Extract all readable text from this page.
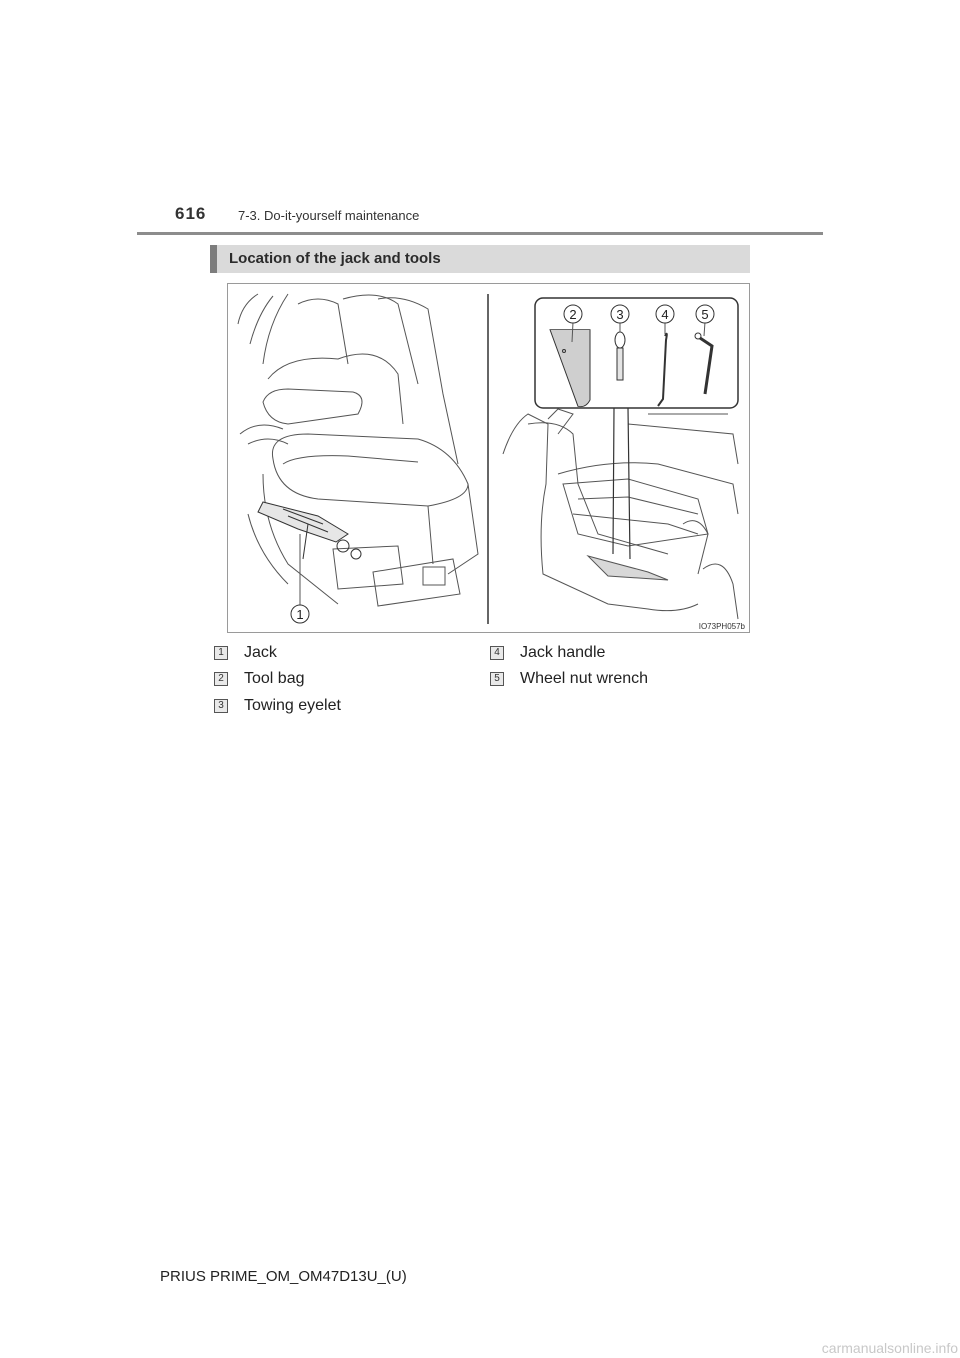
616 7-3. Do-it-yourself maintenance
Location of the jack and tools
1
2	3	4	5
IO73PH057b
1 Jack
2 Tool bag
3 Towing eyelet
4 Jack handle
5 Wheel nut wrench
PRIUS PRIME_OM_OM47D13U_(U)
carmanualsonline.info
